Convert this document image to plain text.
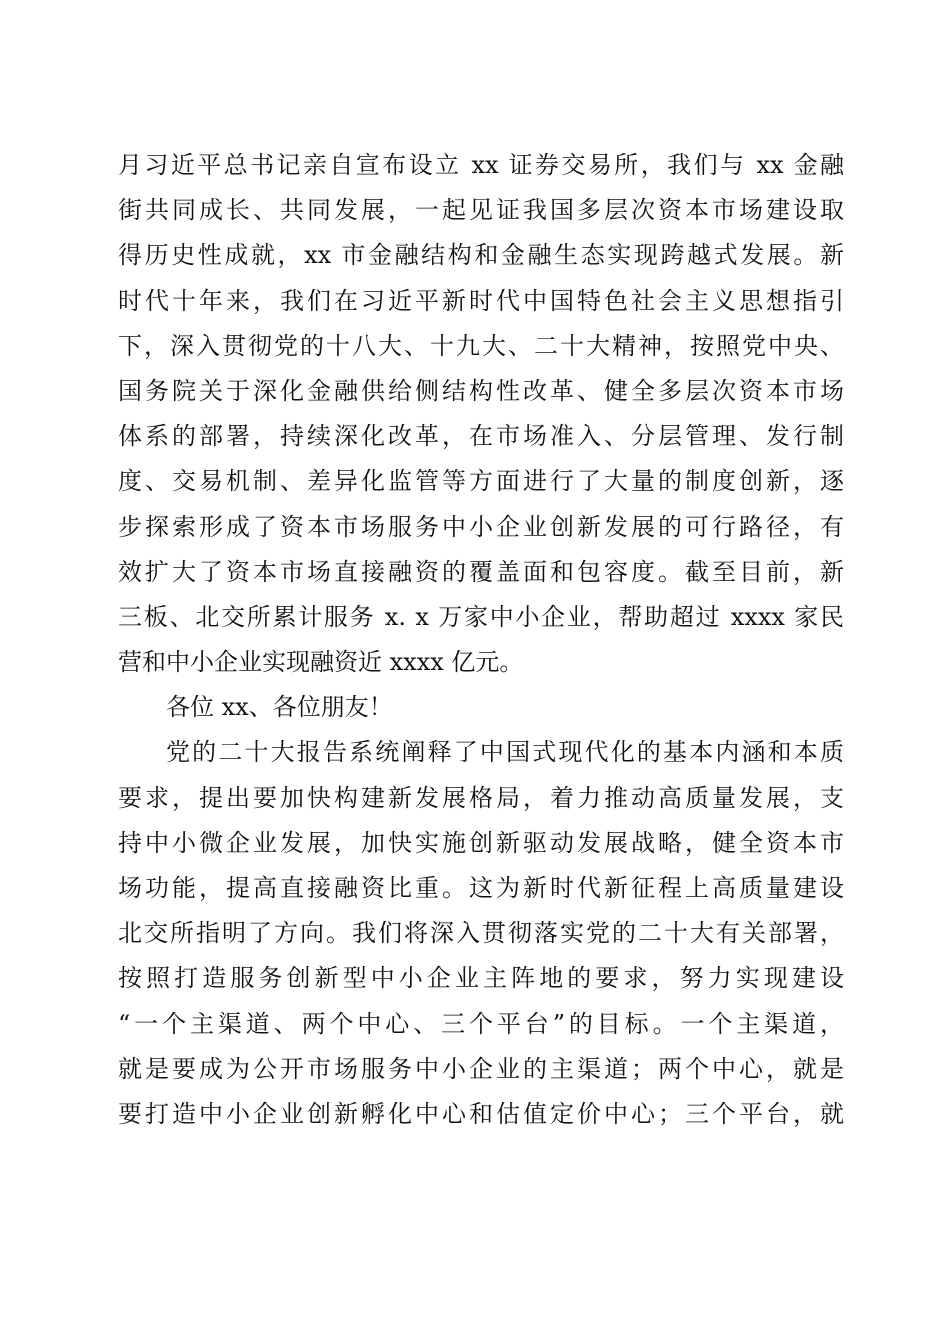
月习近平总书记亲自宣布设立 xx 证券交易所，我们与 xx 金融
街共同成长、共同发展，一起见证我国多层次资本市场建设取
得历史性成就，xx 市金融结构和金融生态实现跨越式发展。新
时代十年来，我们在习近平新时代中国特色社会主义思想指引
下，深入贯彻党的十八大、十九大、二十大精神，按照党中央、
国务院关于深化金融供给侧结构性改革、健全多层次资本市场
体系的部署，持续深化改革，在市场准入、分层管理、发行制
度、交易机制、差异化监管等方面进行了大量的制度创新，逐
步探索形成了资本市场服务中小企业创新发展的可行路径，有
效扩大了资本市场直接融资的覆盖面和包容度。截至目前，新
三板、北交所累计服务 x. x 万家中小企业，帮助超过 xxxx 家民
营和中小企业实现融资近 xxxx 亿元。
各位 xx、各位朋友！
党的二十大报告系统阐释了中国式现代化的基本内涵和本质
要求，提出要加快构建新发展格局，着力推动高质量发展，支
持中小微企业发展，加快实施创新驱动发展战略，健全资本市
场功能，提高直接融资比重。这为新时代新征程上高质量建设
北交所指明了方向。我们将深入贯彻落实党的二十大有关部署，
按照打造服务创新型中小企业主阵地的要求，努力实现建设
“一个主渠道、两个中心、三个平台”的目标。一个主渠道，
就是要成为公开市场服务中小企业的主渠道；两个中心，就是
要打造中小企业创新孵化中心和估值定价中心；三个平台，就
